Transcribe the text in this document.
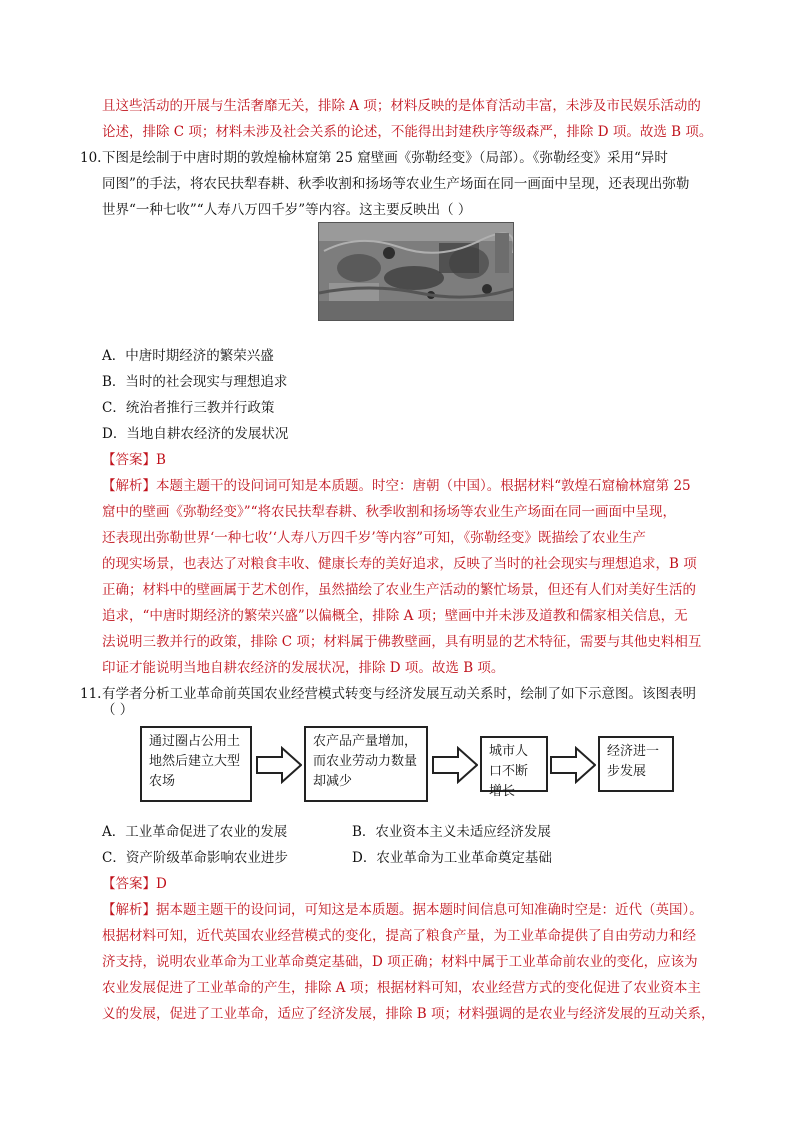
且这些活动的开展与生活奢靡无关，排除 A 项；材料反映的是体育活动丰富，未涉及市民娱乐活动的
论述，排除 C 项；材料未涉及社会关系的论述，不能得出封建秩序等级森严，排除 D 项。故选 B 项。
10. 下图是绘制于中唐时期的敦煌榆林窟第 25 窟壁画《弥勒经变》（局部）。《弥勒经变》采用“异时
同图”的手法，将农民扶犁春耕、秋季收割和扬场等农业生产场面在同一画面中呈现，还表现出弥勒
世界“一种七收”“人寿八万四千岁”等内容。这主要反映出（ ）
A．中唐时期经济的繁荣兴盛
B．当时的社会现实与理想追求
C．统治者推行三教并行政策
D．当地自耕农经济的发展状况
【答案】B
【解析】本题主题干的设问词可知是本质题。时空：唐朝（中国）。根据材料“敦煌石窟榆林窟第 25
窟中的壁画《弥勒经变》”“将农民扶犁春耕、秋季收割和扬场等农业生产场面在同一画面中呈现，
还表现出弥勒世界‘一种七收’‘人寿八万四千岁’等内容”可知，《弥勒经变》既描绘了农业生产
的现实场景，也表达了对粮食丰收、健康长寿的美好追求，反映了当时的社会现实与理想追求，B 项
正确；材料中的壁画属于艺术创作，虽然描绘了农业生产活动的繁忙场景，但还有人们对美好生活的
追求，“中唐时期经济的繁荣兴盛”以偏概全，排除 A 项；壁画中并未涉及道教和儒家相关信息，无
法说明三教并行的政策，排除 C 项；材料属于佛教壁画，具有明显的艺术特征，需要与其他史料相互
印证才能说明当地自耕农经济的发展状况，排除 D 项。故选 B 项。
11. 有学者分析工业革命前英国农业经营模式转变与经济发展互动关系时，绘制了如下示意图。该图表明
（ ）
通过圈占公用土地然后建立大型农场
农产品产量增加，而农业劳动力数量却减少
城市人口不断增长
经济进一步发展
A．工业革命促进了农业的发展	B．农业资本主义未适应经济发展
C．资产阶级革命影响农业进步	D．农业革命为工业革命奠定基础
【答案】D
【解析】据本题主题干的设问词，可知这是本质题。据本题时间信息可知准确时空是：近代（英国）。
根据材料可知，近代英国农业经营模式的变化，提高了粮食产量，为工业革命提供了自由劳动力和经
济支持，说明农业革命为工业革命奠定基础，D 项正确；材料中属于工业革命前农业的变化，应该为
农业发展促进了工业革命的产生，排除 A 项；根据材料可知，农业经营方式的变化促进了农业资本主
义的发展，促进了工业革命，适应了经济发展，排除 B 项；材料强调的是农业与经济发展的互动关系，
